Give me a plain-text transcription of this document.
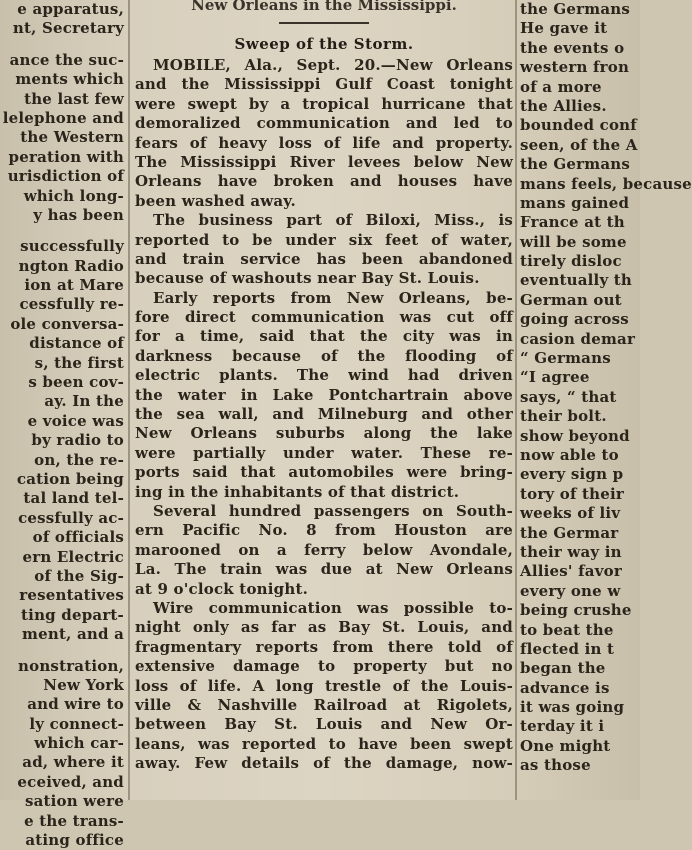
e apparatus,
nt, Secretary

ance the suc-
ments which
the last few
lelephone and
the Western
peration with
urisdiction of
which long-
y has been

successfully
ngton Radio
ion at Mare
cessfully re-
ole conversa-
distance of
s, the first
s been cov-
ay. In the
e voice was
by radio to
on, the re-
cation being
tal land tel-
cessfully ac-
of officials
ern Electric
of the Sig-
resentatives
ting depart-
ment, and a

nonstration,
New York
and wire to
ly connect-
which car-
ad, where it
eceived, and
sation were
e the trans-
ating office
New Orleans in the Mississippi.
Sweep of the Storm.
MOBILE, Ala., Sept. 20.—New Orleans
and the Mississippi Gulf Coast tonight
were swept by a tropical hurricane that
demoralized communication and led to
fears of heavy loss of life and property.
The Mississippi River levees below New
Orleans have broken and houses have
been washed away.
The business part of Biloxi, Miss., is
reported to be under six feet of water,
and train service has been abandoned
because of washouts near Bay St. Louis.
Early reports from New Orleans, be-
fore direct communication was cut off
for a time, said that the city was in
darkness because of the flooding of
electric plants. The wind had driven
the water in Lake Pontchartrain above
the sea wall, and Milneburg and other
New Orleans suburbs along the lake
were partially under water. These re-
ports said that automobiles were bring-
ing in the inhabitants of that district.
Several hundred passengers on South-
ern Pacific No. 8 from Houston are
marooned on a ferry below Avondale,
La. The train was due at New Orleans
at 9 o'clock tonight.
Wire communication was possible to-
night only as far as Bay St. Louis, and
fragmentary reports from there told of
extensive damage to property but no
loss of life. A long trestle of the Louis-
ville & Nashville Railroad at Rigolets,
between Bay St. Louis and New Or-
leans, was reported to have been swept
away. Few details of the damage, now-
the Germans
He gave it
the events o
western fron
of a more
the Allies.
bounded conf
seen, of the A
the Germans
mans feels, because
mans gained
France at th
will be some
tirely disloc
eventually th
German out
going across
casion demar
“ Germans
“I agree
says, “ that
their bolt.
show beyond
now able to
every sign p
tory of their
weeks of liv
the Germar
their way in
Allies' favor
every one w
being crushe
to beat the
flected in t
began the
advance is
it was going
terday it i
One might
as those
